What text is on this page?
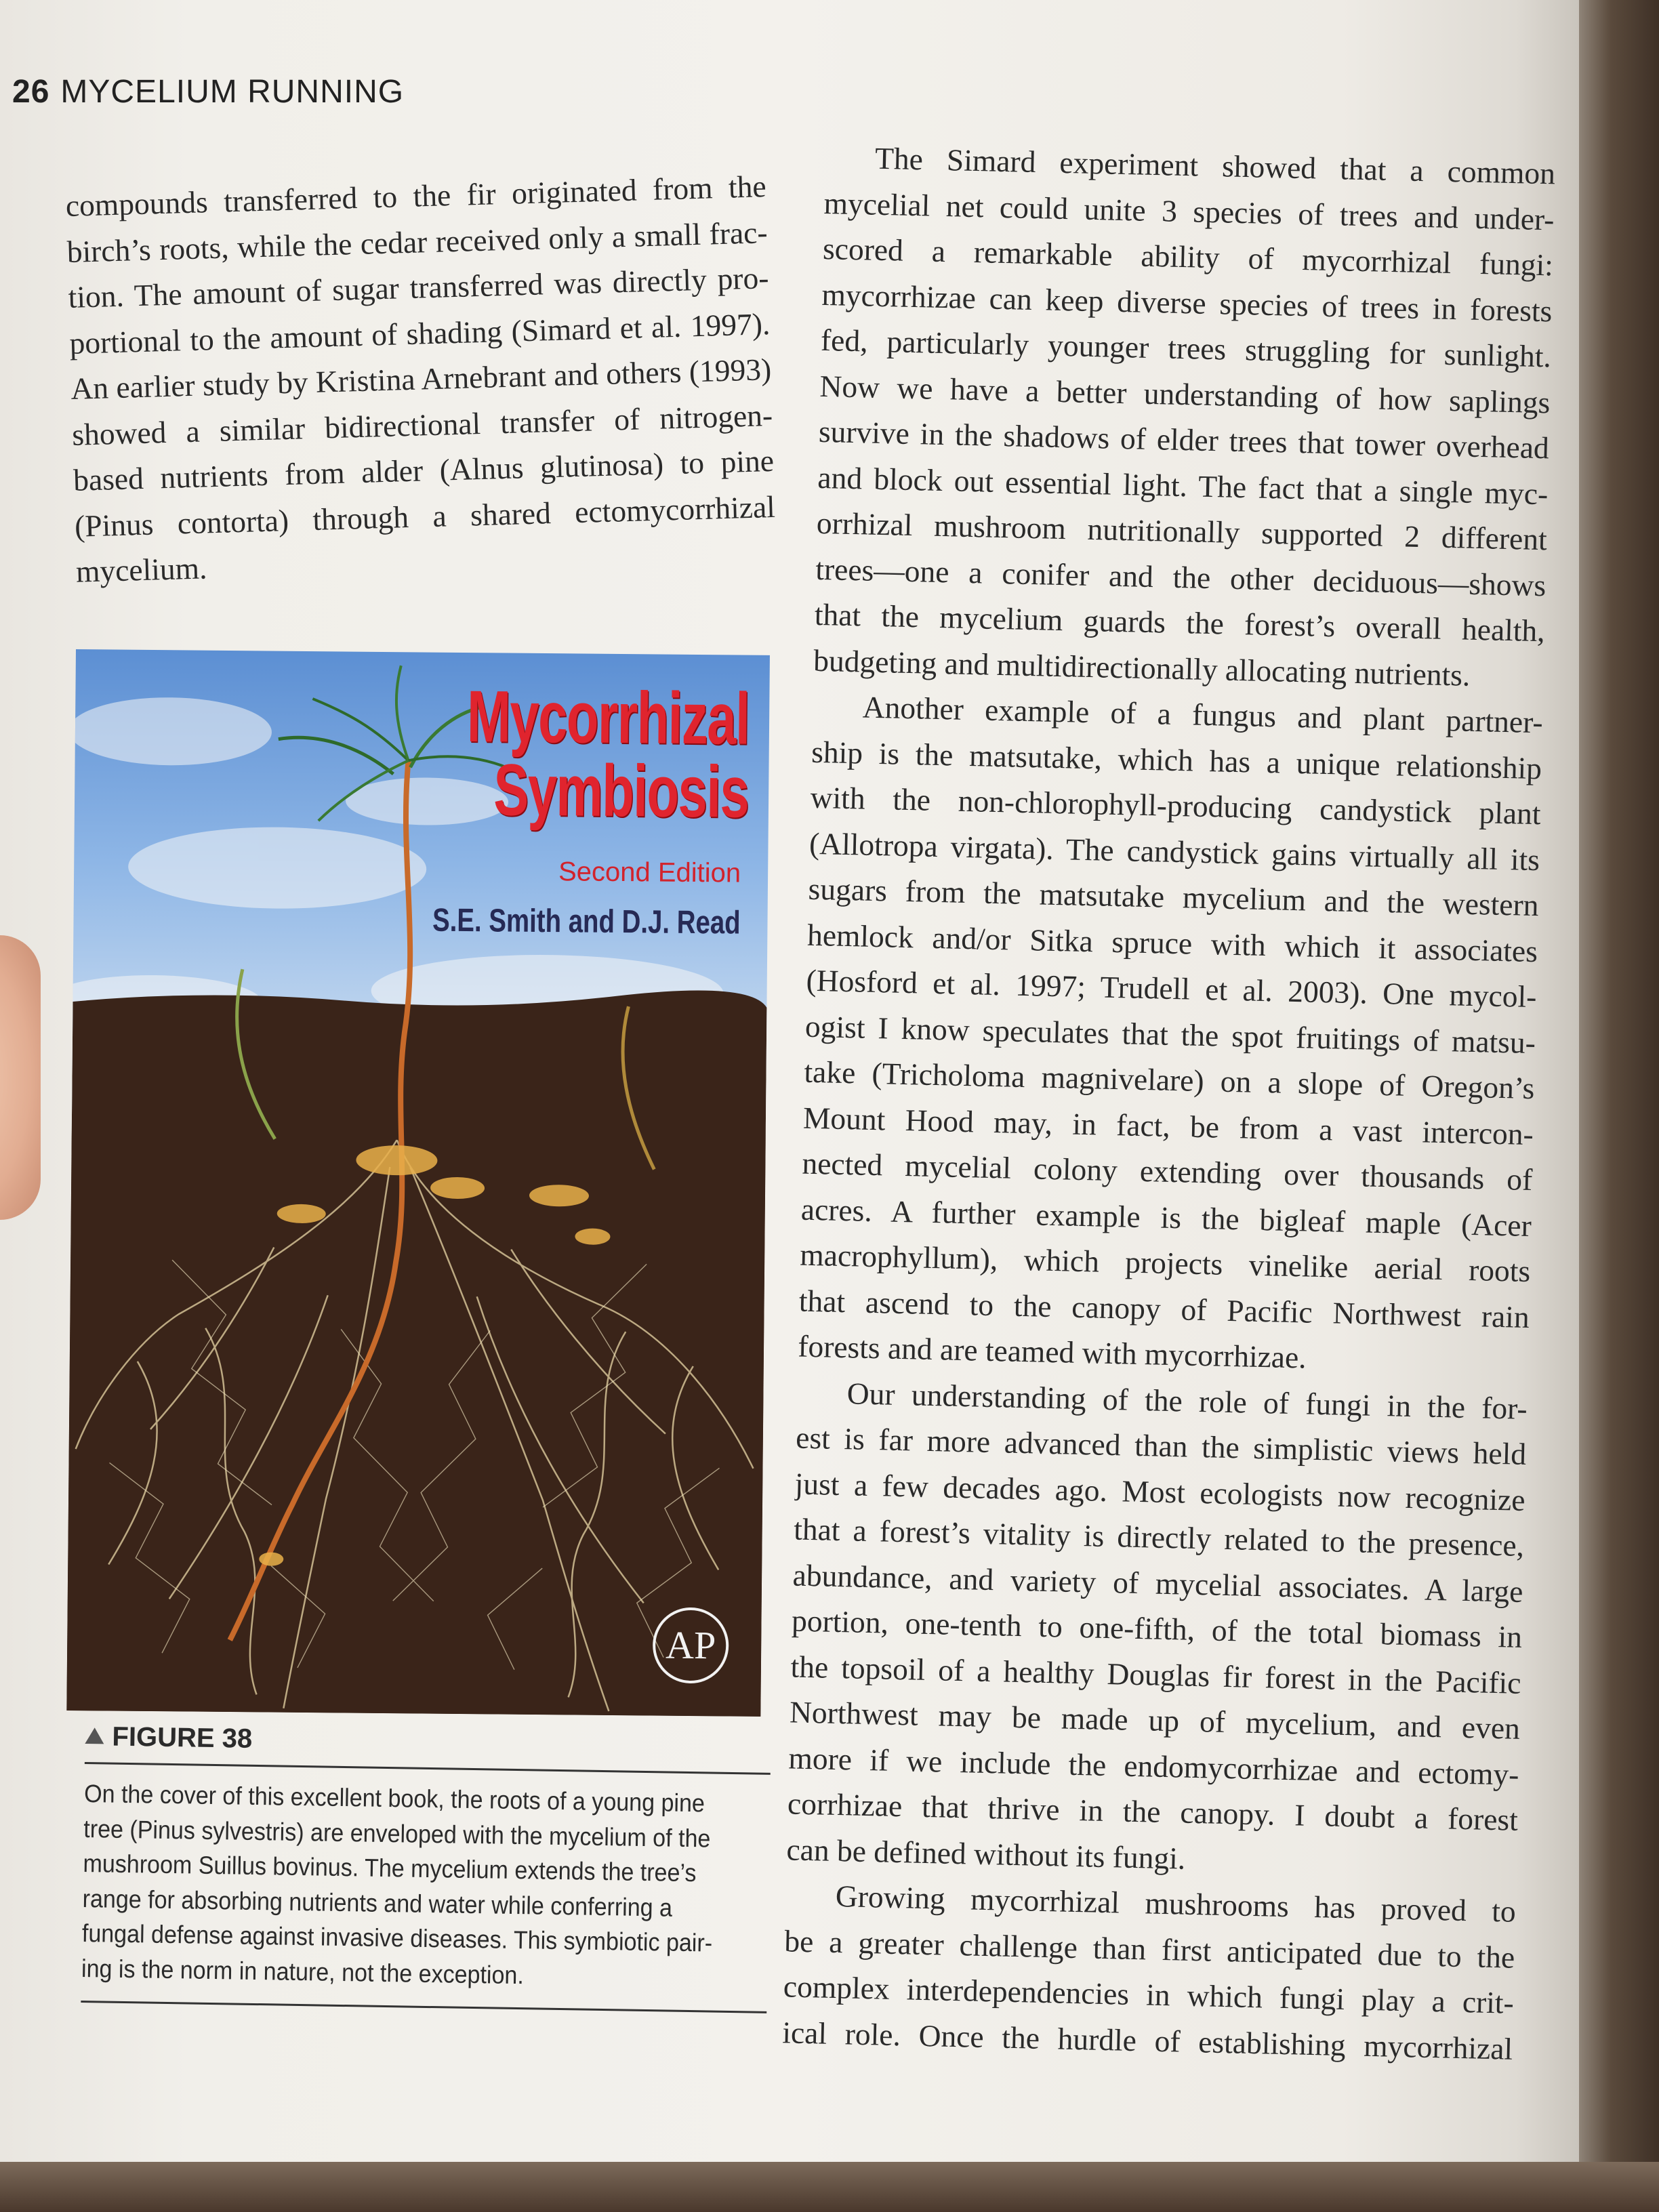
26 MYCELIUM RUNNING
compounds transferred to the fir originated from the
birch’s roots, while the cedar received only a small frac-
tion. The amount of sugar transferred was directly pro-
portional to the amount of shading (Simard et al. 1997).
An earlier study by Kristina Arnebrant and others (1993)
showed a similar bidirectional transfer of nitrogen-
based nutrients from alder (Alnus glutinosa) to pine
(Pinus contorta) through a shared ectomycorrhizal
mycelium.
Mycorrhizal
Symbiosis
Second Edition
S.E. Smith and D.J. Read
AP
FIGURE 38
On the cover of this excellent book, the roots of a young pine
tree (Pinus sylvestris) are enveloped with the mycelium of the
mushroom Suillus bovinus. The mycelium extends the tree’s
range for absorbing nutrients and water while conferring a
fungal defense against invasive diseases. This symbiotic pair-
ing is the norm in nature, not the exception.
The Simard experiment showed that a common
mycelial net could unite 3 species of trees and under-
scored a remarkable ability of mycorrhizal fungi:
mycorrhizae can keep diverse species of trees in forests
fed, particularly younger trees struggling for sunlight.
Now we have a better understanding of how saplings
survive in the shadows of elder trees that tower overhead
and block out essential light. The fact that a single myc-
orrhizal mushroom nutritionally supported 2 different
trees—one a conifer and the other deciduous—shows
that the mycelium guards the forest’s overall health,
budgeting and multidirectionally allocating nutrients.
Another example of a fungus and plant partner-
ship is the matsutake, which has a unique relationship
with the non-chlorophyll-producing candystick plant
(Allotropa virgata). The candystick gains virtually all its
sugars from the matsutake mycelium and the western
hemlock and/or Sitka spruce with which it associates
(Hosford et al. 1997; Trudell et al. 2003). One mycol-
ogist I know speculates that the spot fruitings of matsu-
take (Tricholoma magnivelare) on a slope of Oregon’s
Mount Hood may, in fact, be from a vast intercon-
nected mycelial colony extending over thousands of
acres. A further example is the bigleaf maple (Acer
macrophyllum), which projects vinelike aerial roots
that ascend to the canopy of Pacific Northwest rain
forests and are teamed with mycorrhizae.
Our understanding of the role of fungi in the for-
est is far more advanced than the simplistic views held
just a few decades ago. Most ecologists now recognize
that a forest’s vitality is directly related to the presence,
abundance, and variety of mycelial associates. A large
portion, one-tenth to one-fifth, of the total biomass in
the topsoil of a healthy Douglas fir forest in the Pacific
Northwest may be made up of mycelium, and even
more if we include the endomycorrhizae and ectomy-
corrhizae that thrive in the canopy. I doubt a forest
can be defined without its fungi.
Growing mycorrhizal mushrooms has proved to
be a greater challenge than first anticipated due to the
complex interdependencies in which fungi play a crit-
ical role. Once the hurdle of establishing mycorrhizal
